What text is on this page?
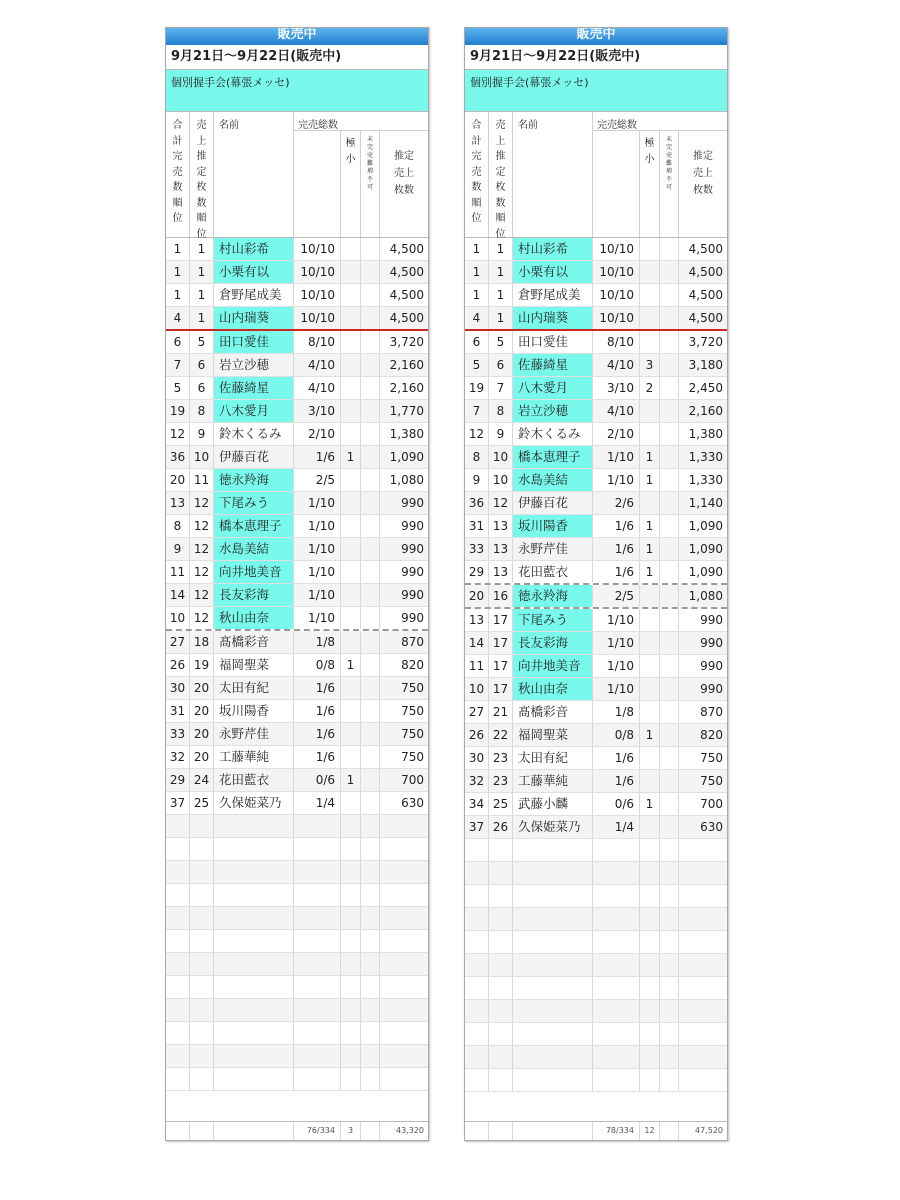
販売中
9月21日〜9月22日(販売中)
個別握手会(幕張メッセ)
合
計
完
売
数
順
位
売
上
推
定
枚
数
順
位
名前	完売総数
極
小
未
完
売
難
増
不
可
推定
売上
枚数
1	1	村山彩希	10/10	4,500
1	1	小栗有以	10/10	4,500
1	1	倉野尾成美	10/10	4,500
4	1	山内瑞葵	10/10	4,500
6	5	田口愛佳	8/10	3,720
7	6	岩立沙穂	4/10	2,160
5	6	佐藤綺星	4/10	2,160
19	8	八木愛月	3/10	1,770
12	9	鈴木くるみ	2/10	1,380
36 10 伊藤百花	1/6 1	1,090
20 11 徳永羚海	2/5	1,080
13 12 下尾みう	1/10	990
8	12 橋本恵理子	1/10	990
9	12 水島美結	1/10	990
11 12 向井地美音	1/10	990
14 12 長友彩海	1/10	990
10 12 秋山由奈	1/10	990
27 18 髙橋彩音	1/8	870
26 19 福岡聖菜	0/8 1	820
30 20 太田有紀	1/6	750
31 20 坂川陽香	1/6	750
33 20 永野芹佳	1/6	750
32 20 工藤華純	1/6	750
29 24 花田藍衣	0/6 1	700
37 25 久保姫菜乃	1/4	630
76/334	3	43,320
販売中
9月21日〜9月22日(販売中)
個別握手会(幕張メッセ)
合
計
完
売
数
順
位
売
上
推
定
枚
数
順
位
名前	完売総数
極
小
未
完
売
難
増
不
可
推定
売上
枚数
1	1	村山彩希	10/10	4,500
1	1	小栗有以	10/10	4,500
1	1	倉野尾成美	10/10	4,500
4	1	山内瑞葵	10/10	4,500
6	5	田口愛佳	8/10	3,720
5	6	佐藤綺星	4/10 3	3,180
19	7	八木愛月	3/10 2	2,450
7	8	岩立沙穂	4/10	2,160
12	9	鈴木くるみ	2/10	1,380
8	10 橋本恵理子	1/10 1	1,330
9	10 水島美結	1/10 1	1,330
36 12 伊藤百花	2/6	1,140
31 13 坂川陽香	1/6 1	1,090
33 13 永野芹佳	1/6 1	1,090
29 13 花田藍衣	1/6 1	1,090
20 16 徳永羚海	2/5	1,080
13 17 下尾みう	1/10	990
14 17 長友彩海	1/10	990
11 17 向井地美音	1/10	990
10 17 秋山由奈	1/10	990
27 21 髙橋彩音	1/8	870
26 22 福岡聖菜	0/8 1	820
30 23 太田有紀	1/6	750
32 23 工藤華純	1/6	750
34 25 武藤小麟	0/6 1	700
37 26 久保姫菜乃	1/4	630
78/334	12	47,520
